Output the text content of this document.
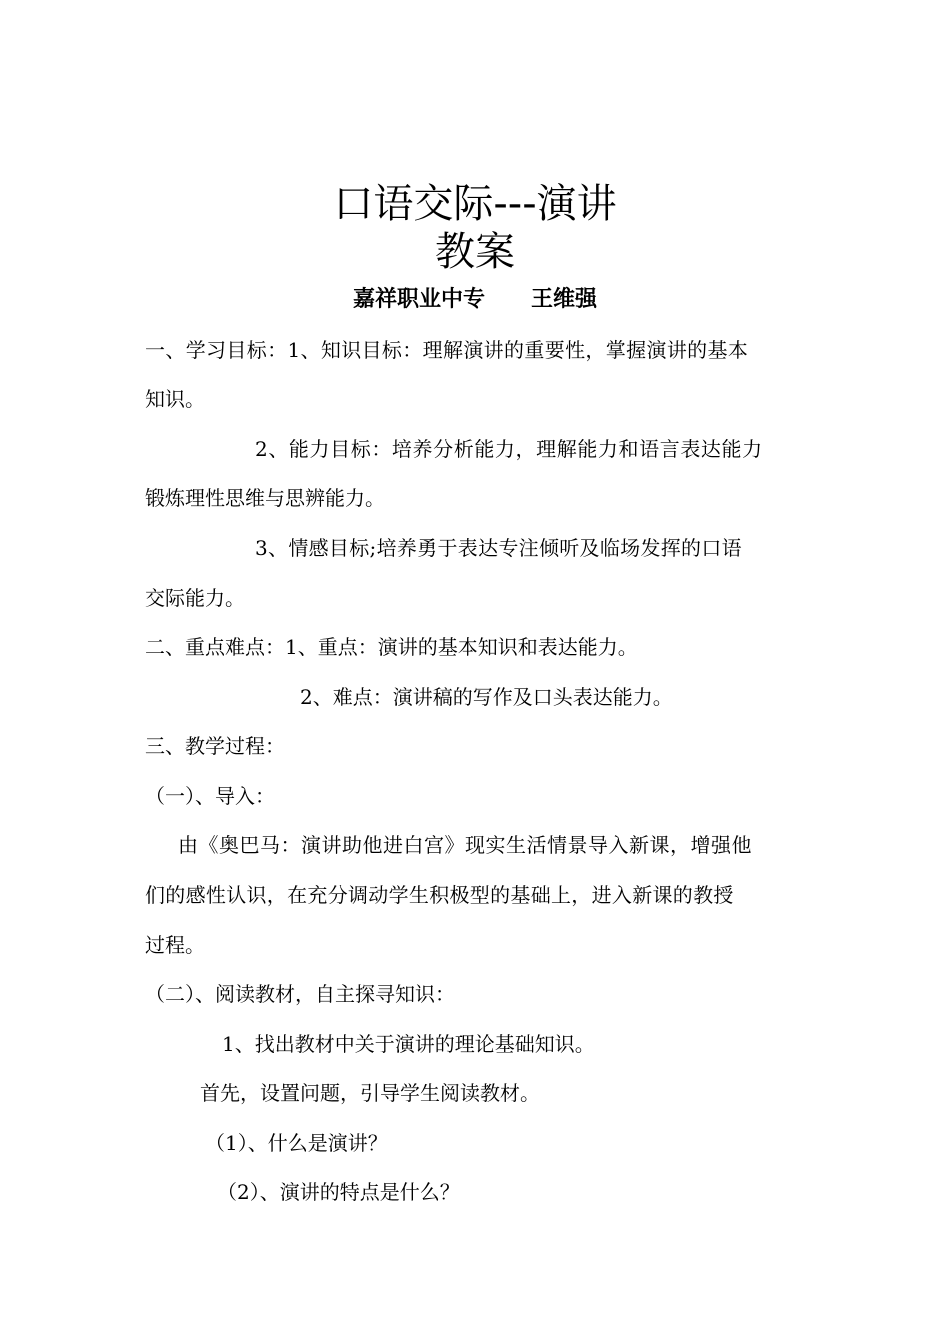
口语交际---演讲
教案
嘉祥职业中专      王维强
一、学习目标：1、知识目标：理解演讲的重要性，掌握演讲的基本
知识。
2、能力目标：培养分析能力，理解能力和语言表达能力
锻炼理性思维与思辨能力。
3、情感目标;培养勇于表达专注倾听及临场发挥的口语
交际能力。
二、重点难点：1、重点：演讲的基本知识和表达能力。
2、难点：演讲稿的写作及口头表达能力。
三、教学过程：
（一）、导入：
由《奥巴马：演讲助他进白宫》现实生活情景导入新课，增强他
们的感性认识，在充分调动学生积极型的基础上，进入新课的教授
过程。
（二）、阅读教材，自主探寻知识：
1、找出教材中关于演讲的理论基础知识。
首先，设置问题，引导学生阅读教材。
（1）、什么是演讲？
（2）、演讲的特点是什么？
